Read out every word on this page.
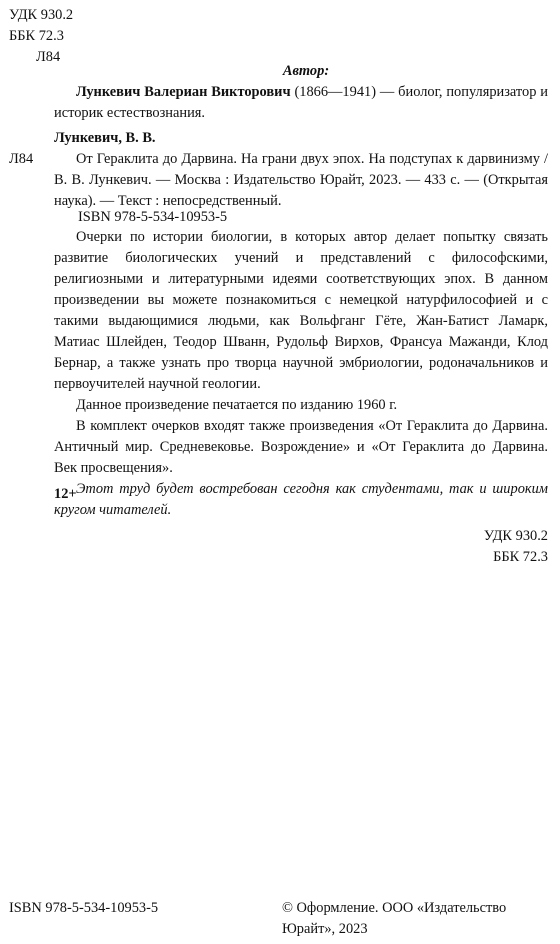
УДК 930.2
ББК 72.3
Л84
Автор:
Лункевич Валериан Викторович (1866—1941) — биолог, популяризатор и историк естествознания.
Лункевич, В. В.
Л84	От Гераклита до Дарвина. На грани двух эпох. На подступах к дарвинизму / В. В. Лункевич. — Москва : Издательство Юрайт, 2023. — 433 с. — (Открытая наука). — Текст : непосредственный.
ISBN 978-5-534-10953-5

Очерки по истории биологии, в которых автор делает попытку связать развитие биологических учений и представлений с философскими, религиозными и литературными идеями соответствующих эпох. В данном произведении вы можете познакомиться с немецкой натурфилософией и с такими выдающимися людьми, как Вольфганг Гёте, Жан-Батист Ламарк, Матиас Шлейден, Теодор Шванн, Рудольф Вирхов, Франсуа Мажанди, Клод Бернар, а также узнать про творца научной эмбриологии, родоначальников и первоучителей научной геологии.

Данное произведение печатается по изданию 1960 г.

В комплект очерков входят также произведения «От Гераклита до Дарвина. Античный мир. Средневековье. Возрождение» и «От Гераклита до Дарвина. Век просвещения».

Этот труд будет востребован сегодня как студентами, так и широким кругом читателей.

12+
УДК 930.2
ББК 72.3
ISBN 978-5-534-10953-5	© Оформление. ООО «Издательство Юрайт», 2023
